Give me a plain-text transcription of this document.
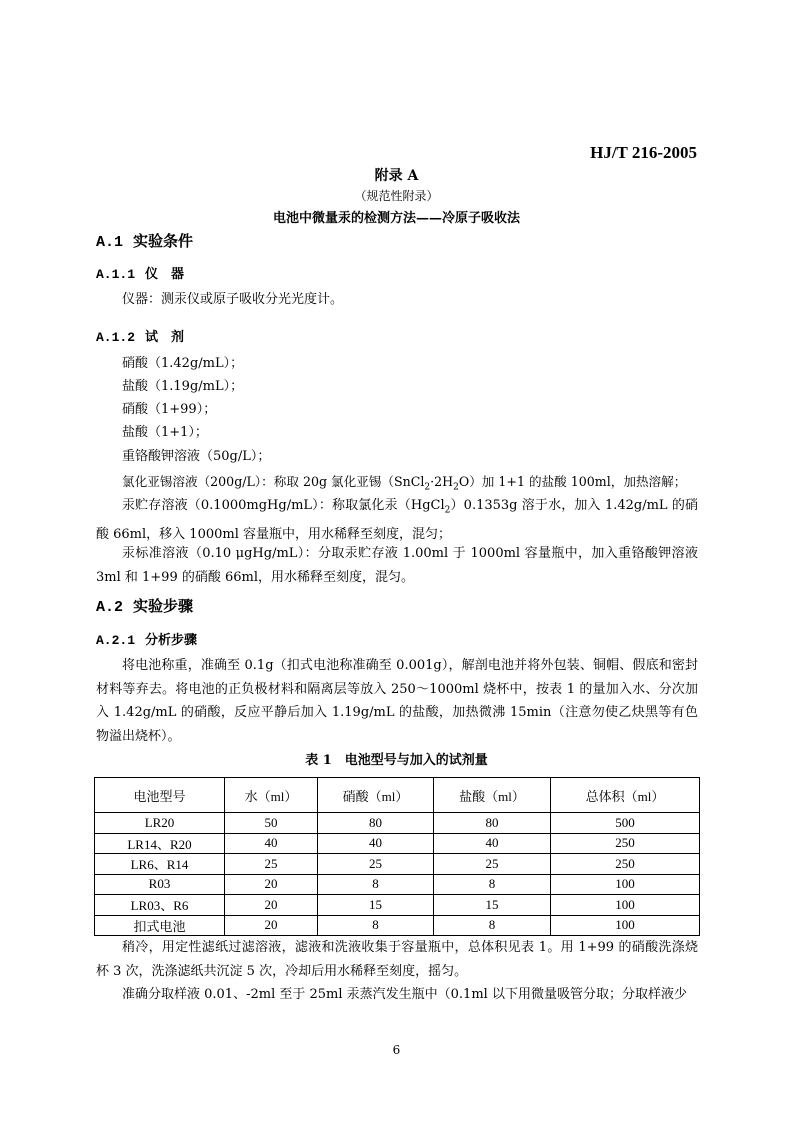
HJ/T 216-2005
附录 A
（规范性附录）
电池中微量汞的检测方法——冷原子吸收法
A.1 实验条件
A.1.1 仪　器
仪器：测汞仪或原子吸收分光光度计。
A.1.2 试　剂
硝酸（1.42g/mL）；
盐酸（1.19g/mL）；
硝酸（1+99）；
盐酸（1+1）；
重铬酸钾溶液（50g/L）；
氯化亚锡溶液（200g/L）：称取 20g 氯化亚锡$(SnCl_2\cdot 2H_2O)$加 1+1 的盐酸 100ml，加热溶解；
汞贮存溶液（0.1000mgHg/mL）：称取氯化汞（HgCl$_2$）0.1353g 溶于水，加入 1.42g/mL 的硝酸 66ml，移入 1000ml 容量瓶中，用水稀释至刻度，混匀；
汞标准溶液（0.10 μgHg/mL）：分取汞贮存液 1.00ml 于 1000ml 容量瓶中，加入重铬酸钾溶液 3ml 和 1+99 的硝酸 66ml，用水稀释至刻度，混匀。
A.2 实验步骤
A.2.1 分析步骤
将电池称重，准确至 0.1g（扣式电池称准确至 0.001g），解剖电池并将外包装、铜帽、假底和密封材料等弃去。将电池的正负极材料和隔离层等放入 250～1000ml 烧杯中，按表 1 的量加入水、分次加入 1.42g/mL 的硝酸，反应平静后加入 1.19g/mL 的盐酸，加热微沸 15min（注意勿使乙炔黑等有色物溢出烧杯）。
表 1　电池型号与加入的试剂量
电池型号	水（ml）	硝酸（ml）	盐酸（ml）	总体积（ml）
LR20	50	80	80	500
LR14、R20	40	40	40	250
LR6、R14	25	25	25	250
R03	20	8	8	100
LR03、R6	20	15	15	100
扣式电池	20	8	8	100
稍冷，用定性滤纸过滤溶液，滤液和洗液收集于容量瓶中，总体积见表 1。用 1+99 的硝酸洗涤烧杯 3 次，洗涤滤纸共沉淀 5 次，冷却后用水稀释至刻度，摇匀。
准确分取样液 0.01、-2ml 至于 25ml 汞蒸汽发生瓶中（0.1ml 以下用微量吸管分取；分取样液少
6
